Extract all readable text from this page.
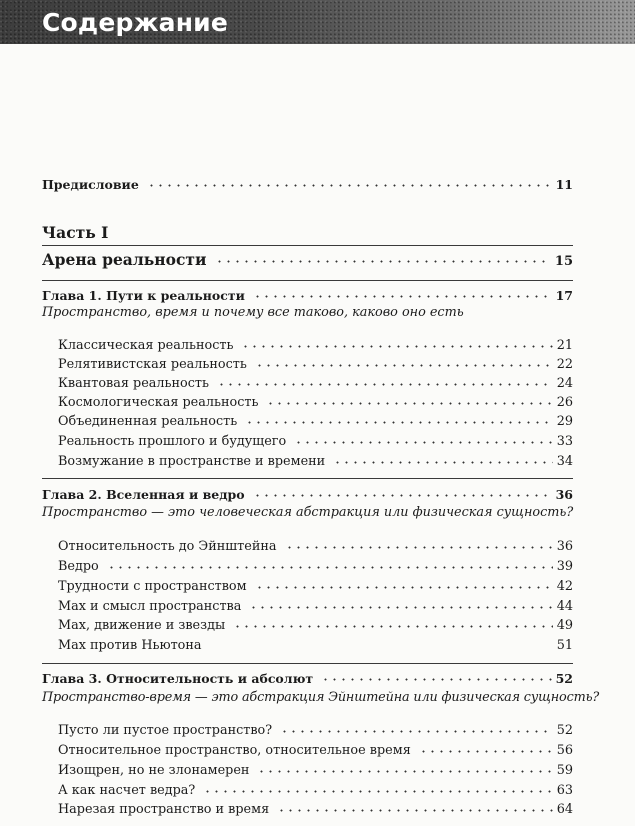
Содержание
Предисловие	11
Часть I
Арена реальности	15
Глава 1. Пути к реальности	17
Пространство, время и почему все таково, каково оно есть
Классическая реальность	21
Релятивистская реальность	22
Квантовая реальность	24
Космологическая реальность	26
Объединенная реальность	29
Реальность прошлого и будущего	33
Возмужание в пространстве и времени	34
Глава 2. Вселенная и ведро	36
Пространство — это человеческая абстракция или физическая сущность?
Относительность до Эйнштейна	36
Ведро	39
Трудности с пространством	42
Мах и смысл пространства	44
Мах, движение и звезды	49
Мах против Ньютона	51
Глава 3. Относительность и абсолют	52
Пространство-время — это абстракция Эйнштейна или физическая сущность?
Пусто ли пустое пространство?	52
Относительное пространство, относительное время	56
Изощрен, но не злонамерен	59
А как насчет ведра?	63
Нарезая пространство и время	64
